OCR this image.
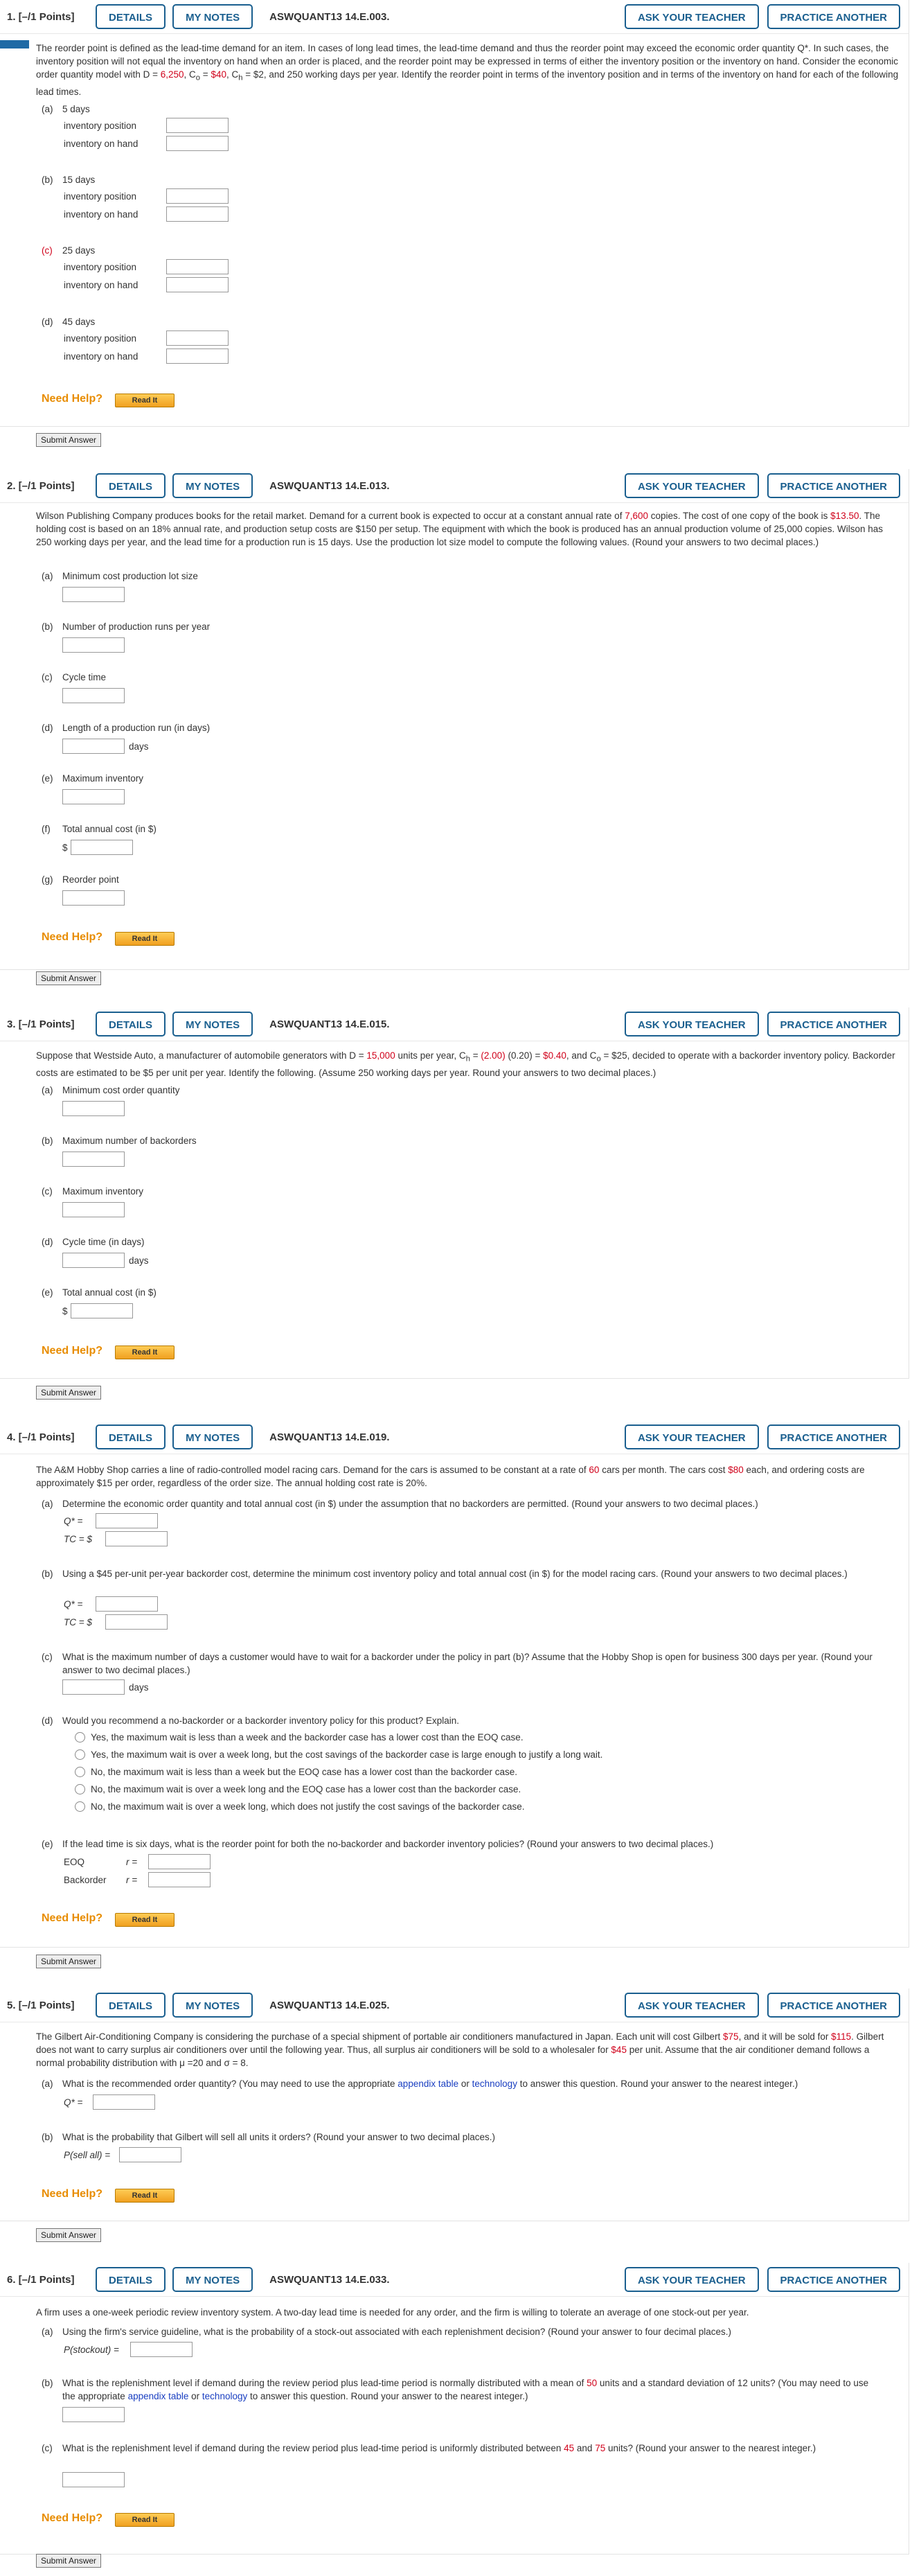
1. [–/1 Points]	DETAILS	MY NOTES	ASWQUANT13 14.E.003.	ASK YOUR TEACHER	PRACTICE ANOTHER
The reorder point is defined as the lead-time demand for an item. In cases of long lead times, the lead-time demand and thus the reorder point may exceed the economic order quantity Q*. In such cases, the inventory position will not equal the inventory on hand when an order is placed, and the reorder point may be expressed in terms of either the inventory position or the inventory on hand. Consider the economic order quantity model with D = 6,250, $C_o$ = $40, $C_h$ = $2, and 250 working days per year. Identify the reorder point in terms of the inventory position and in terms of the inventory on hand for each of the following lead times.
(a)	5 days
inventory position
inventory on hand
(b)	15 days
inventory position
inventory on hand
(c)	25 days
inventory position
inventory on hand
(d)	45 days
inventory position
inventory on hand
Need Help?	Read It
Submit Answer
2. [–/1 Points]	DETAILS	MY NOTES	ASWQUANT13 14.E.013.	ASK YOUR TEACHER	PRACTICE ANOTHER
Wilson Publishing Company produces books for the retail market. Demand for a current book is expected to occur at a constant annual rate of 7,600 copies. The cost of one copy of the book is $13.50. The holding cost is based on an 18% annual rate, and production setup costs are $150 per setup. The equipment with which the book is produced has an annual production volume of 25,000 copies. Wilson has 250 working days per year, and the lead time for a production run is 15 days. Use the production lot size model to compute the following values. (Round your answers to two decimal places.)
(a)	Minimum cost production lot size
(b)	Number of production runs per year
(c)	Cycle time
(d)	Length of a production run (in days)
days
(e)	Maximum inventory
(f)	Total annual cost (in $)
$
(g)	Reorder point
Need Help?	Read It
Submit Answer
3. [–/1 Points]	DETAILS	MY NOTES	ASWQUANT13 14.E.015.	ASK YOUR TEACHER	PRACTICE ANOTHER
Suppose that Westside Auto, a manufacturer of automobile generators with D = 15,000 units per year, $C_h = (2.00) (0.20)$ = $0.40, and $C_o$ = $25, decided to operate with a backorder inventory policy. Backorder costs are estimated to be $5 per unit per year. Identify the following. (Assume 250 working days per year. Round your answers to two decimal places.)
(a)	Minimum cost order quantity
(b)	Maximum number of backorders
(c)	Maximum inventory
(d)	Cycle time (in days)
days
(e)	Total annual cost (in $)
$
Need Help?	Read It
Submit Answer
4. [–/1 Points]	DETAILS	MY NOTES	ASWQUANT13 14.E.019.	ASK YOUR TEACHER	PRACTICE ANOTHER
The A&M Hobby Shop carries a line of radio-controlled model racing cars. Demand for the cars is assumed to be constant at a rate of 60 cars per month. The cars cost $80 each, and ordering costs are approximately $15 per order, regardless of the order size. The annual holding cost rate is 20%.
(a)	Determine the economic order quantity and total annual cost (in $) under the assumption that no backorders are permitted. (Round your answers to two decimal places.)
Q* =
TC = $
(b)	Using a $45 per-unit per-year backorder cost, determine the minimum cost inventory policy and total annual cost (in $) for the model racing cars. (Round your answers to two decimal places.)
Q* =
TC = $
(c)	What is the maximum number of days a customer would have to wait for a backorder under the policy in part (b)? Assume that the Hobby Shop is open for business 300 days per year. (Round your answer to two decimal places.)
days
(d)	Would you recommend a no-backorder or a backorder inventory policy for this product? Explain.
Yes, the maximum wait is less than a week and the backorder case has a lower cost than the EOQ case.
Yes, the maximum wait is over a week long, but the cost savings of the backorder case is large enough to justify a long wait.
No, the maximum wait is less than a week but the EOQ case has a lower cost than the backorder case.
No, the maximum wait is over a week long and the EOQ case has a lower cost than the backorder case.
No, the maximum wait is over a week long, which does not justify the cost savings of the backorder case.
(e)	If the lead time is six days, what is the reorder point for both the no-backorder and backorder inventory policies? (Round your answers to two decimal places.)
EOQ	r =
Backorder	r =
Need Help?	Read It
Submit Answer
5. [–/1 Points]	DETAILS	MY NOTES	ASWQUANT13 14.E.025.	ASK YOUR TEACHER	PRACTICE ANOTHER
The Gilbert Air-Conditioning Company is considering the purchase of a special shipment of portable air conditioners manufactured in Japan. Each unit will cost Gilbert $75, and it will be sold for $115. Gilbert does not want to carry surplus air conditioners over until the following year. Thus, all surplus air conditioners will be sold to a wholesaler for $45 per unit. Assume that the air conditioner demand follows a normal probability distribution with μ =20 and σ = 8.
(a)	What is the recommended order quantity? (You may need to use the appropriate appendix table or technology to answer this question. Round your answer to the nearest integer.)
Q* =
(b)	What is the probability that Gilbert will sell all units it orders? (Round your answer to two decimal places.)
P(sell all) =
Need Help?	Read It
Submit Answer
6. [–/1 Points]	DETAILS	MY NOTES	ASWQUANT13 14.E.033.	ASK YOUR TEACHER	PRACTICE ANOTHER
A firm uses a one-week periodic review inventory system. A two-day lead time is needed for any order, and the firm is willing to tolerate an average of one stock-out per year.
(a)	Using the firm's service guideline, what is the probability of a stock-out associated with each replenishment decision? (Round your answer to four decimal places.)
P(stockout) =
(b)	What is the replenishment level if demand during the review period plus lead-time period is normally distributed with a mean of 50 units and a standard deviation of 12 units? (You may need to use the appropriate appendix table or technology to answer this question. Round your answer to the nearest integer.)
(c)	What is the replenishment level if demand during the review period plus lead-time period is uniformly distributed between 45 and 75 units? (Round your answer to the nearest integer.)
Need Help?	Read It
Submit Answer
